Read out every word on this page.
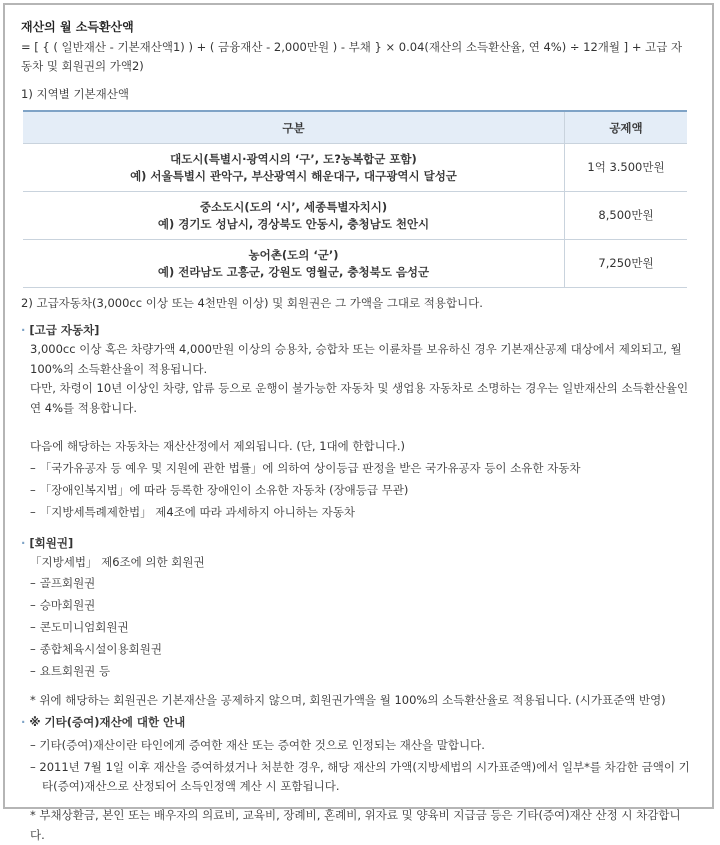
재산의 월 소득환산액
= [ { ( 일반재산 - 기본재산액1) ) + ( 금융재산 - 2,000만원 ) - 부채 } × 0.04(재산의 소득환산율, 연 4%) ÷ 12개월 ] + 고급 자동차 및 회원권의 가액2)
1) 지역별 기본재산액
구분	공제액

대도시(특별시·광역시의 ‘구’, 도?농복합군 포함)
예) 서울특별시 관악구, 부산광역시 해운대구, 대구광역시 달성군	1억 3.500만원

중소도시(도의 ‘시’, 세종특별자치시)
예) 경기도 성남시, 경상북도 안동시, 충청남도 천안시	8,500만원

농어촌(도의 ‘군’)
예) 전라남도 고흥군, 강원도 영월군, 충청북도 음성군	7,250만원
2) 고급자동차(3,000cc 이상 또는 4천만원 이상) 및 회원권은 그 가액을 그대로 적용합니다.
· [고급 자동차]
3,000cc 이상 혹은 차량가액 4,000만원 이상의 승용차, 승합차 또는 이륜차를 보유하신 경우 기본재산공제 대상에서 제외되고, 월 100%의 소득환산율이 적용됩니다.
다만, 차령이 10년 이상인 차량, 압류 등으로 운행이 불가능한 자동차 및 생업용 자동차로 소명하는 경우는 일반재산의 소득환산율인 연 4%를 적용합니다.
다음에 해당하는 자동차는 재산산정에서 제외됩니다. (단, 1대에 한합니다.)
– 「국가유공자 등 예우 및 지원에 관한 법률」에 의하여 상이등급 판정을 받은 국가유공자 등이 소유한 자동차
– 「장애인복지법」에 따라 등록한 장애인이 소유한 자동차 (장애등급 무관)
– 「지방세특례제한법」 제4조에 따라 과세하지 아니하는 자동차
· [회원권]
「지방세법」 제6조에 의한 회원권
– 골프회원권
– 승마회원권
– 콘도미니엄회원권
– 종합체육시설이용회원권
– 요트회원권 등
* 위에 해당하는 회원권은 기본재산을 공제하지 않으며, 회원권가액을 월 100%의 소득환산율로 적용됩니다. (시가표준액 반영)
· ※ 기타(증여)재산에 대한 안내
– 기타(증여)재산이란 타인에게 증여한 재산 또는 증여한 것으로 인정되는 재산을 말합니다.
– 2011년 7월 1일 이후 재산을 증여하셨거나 처분한 경우, 해당 재산의 가액(지방세법의 시가표준액)에서 일부*를 차감한 금액이 기타(증여)재산으로 산정되어 소득인정액 계산 시 포함됩니다.
* 부채상환금, 본인 또는 배우자의 의료비, 교육비, 장례비, 혼례비, 위자료 및 양육비 지급금 등은 기타(증여)재산 산정 시 차감합니다.
